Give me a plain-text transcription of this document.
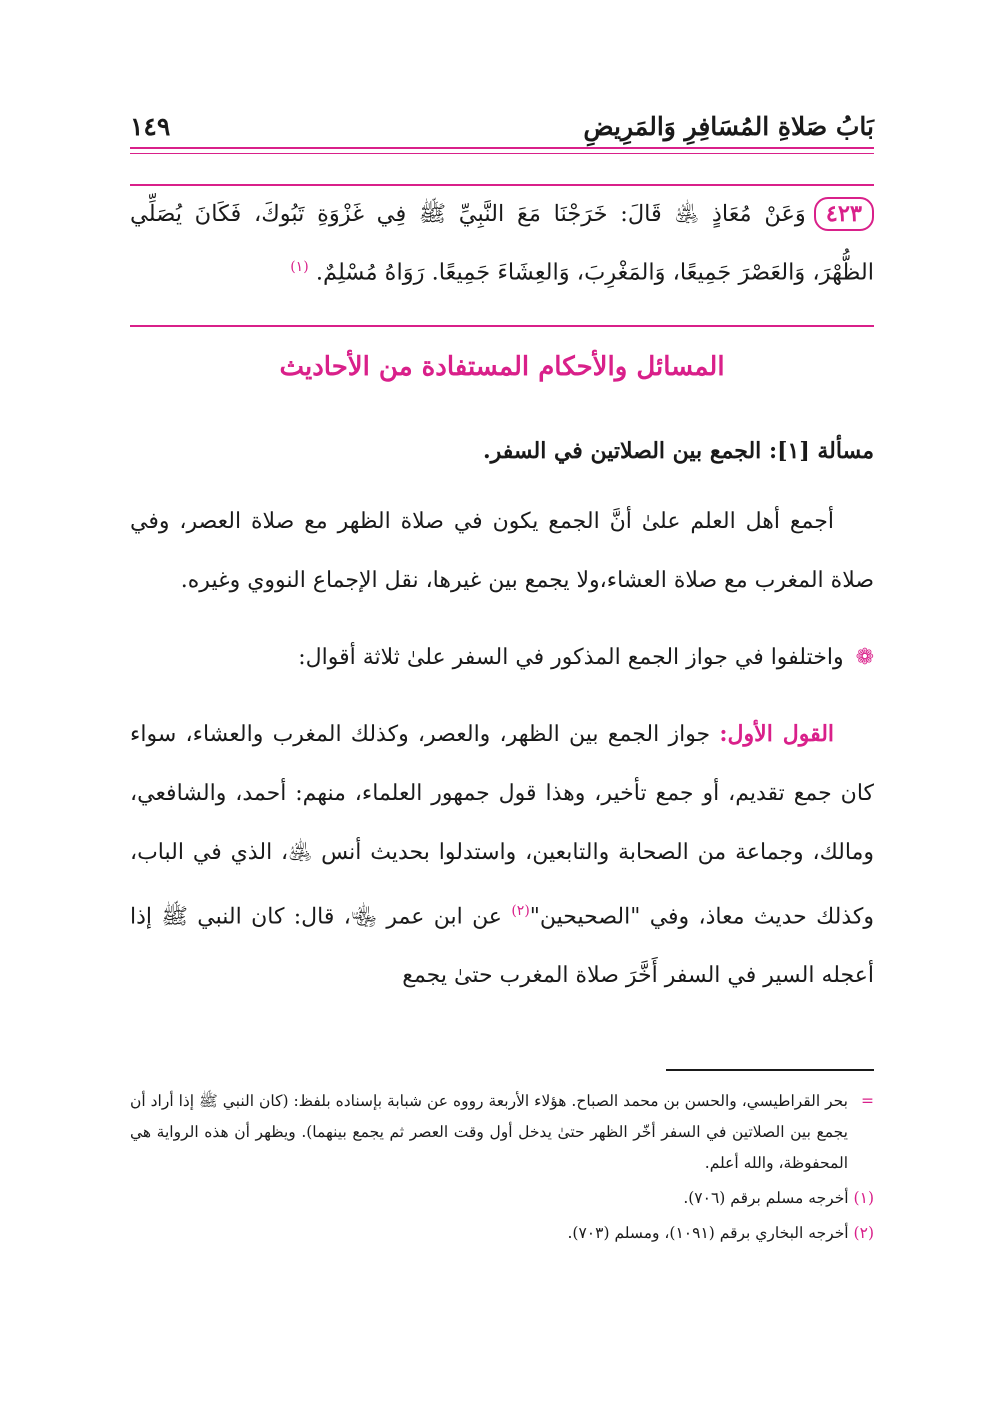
بَابُ صَلاةِ المُسَافِرِ وَالمَرِيضِ
١٤٩
٤٢٣وَعَنْ مُعَاذٍ ﵁ قَالَ: خَرَجْنَا مَعَ النَّبِيِّ ﷺ فِي غَزْوَةِ تَبُوكَ، فَكَانَ يُصَلِّي الظُّهْرَ، وَالعَصْرَ جَمِيعًا، وَالمَغْرِبَ، وَالعِشَاءَ جَمِيعًا. رَوَاهُ مُسْلِمٌ. $^{(١)}$
المسائل والأحكام المستفادة من الأحاديث
مسألة [١]: الجمع بين الصلاتين في السفر.

أجمع أهل العلم علىٰ أنَّ الجمع يكون في صلاة الظهر مع صلاة العصر، وفي صلاة المغرب مع صلاة العشاء،ولا يجمع بين غيرها، نقل الإجماع النووي وغيره.

❁واختلفوا في جواز الجمع المذكور في السفر علىٰ ثلاثة أقوال:

القول الأول: جواز الجمع بين الظهر، والعصر، وكذلك المغرب والعشاء، سواء كان جمع تقديم، أو جمع تأخير، وهذا قول جمهور العلماء، منهم: أحمد، والشافعي، ومالك، وجماعة من الصحابة والتابعين، واستدلوا بحديث أنس ﵁، الذي في الباب، وكذلك حديث معاذ، وفي "الصحيحين"$^{(٢)}$ عن ابن عمر ﵄، قال: كان النبي ﷺ إذا أعجله السير في السفر أَخَّرَ صلاة المغرب حتىٰ يجمع

=
بحر القراطيسي، والحسن بن محمد الصباح. هؤلاء الأربعة رووه عن شبابة بإسناده بلفظ: (كان النبي ﷺ إذا أراد أن يجمع بين الصلاتين في السفر أخّر الظهر حتىٰ يدخل أول وقت العصر ثم يجمع بينهما). ويظهر أن هذه الرواية هي المحفوظة، والله أعلم.

(١) أخرجه مسلم برقم (٧٠٦).

(٢) أخرجه البخاري برقم (١٠٩١)، ومسلم (٧٠٣).
